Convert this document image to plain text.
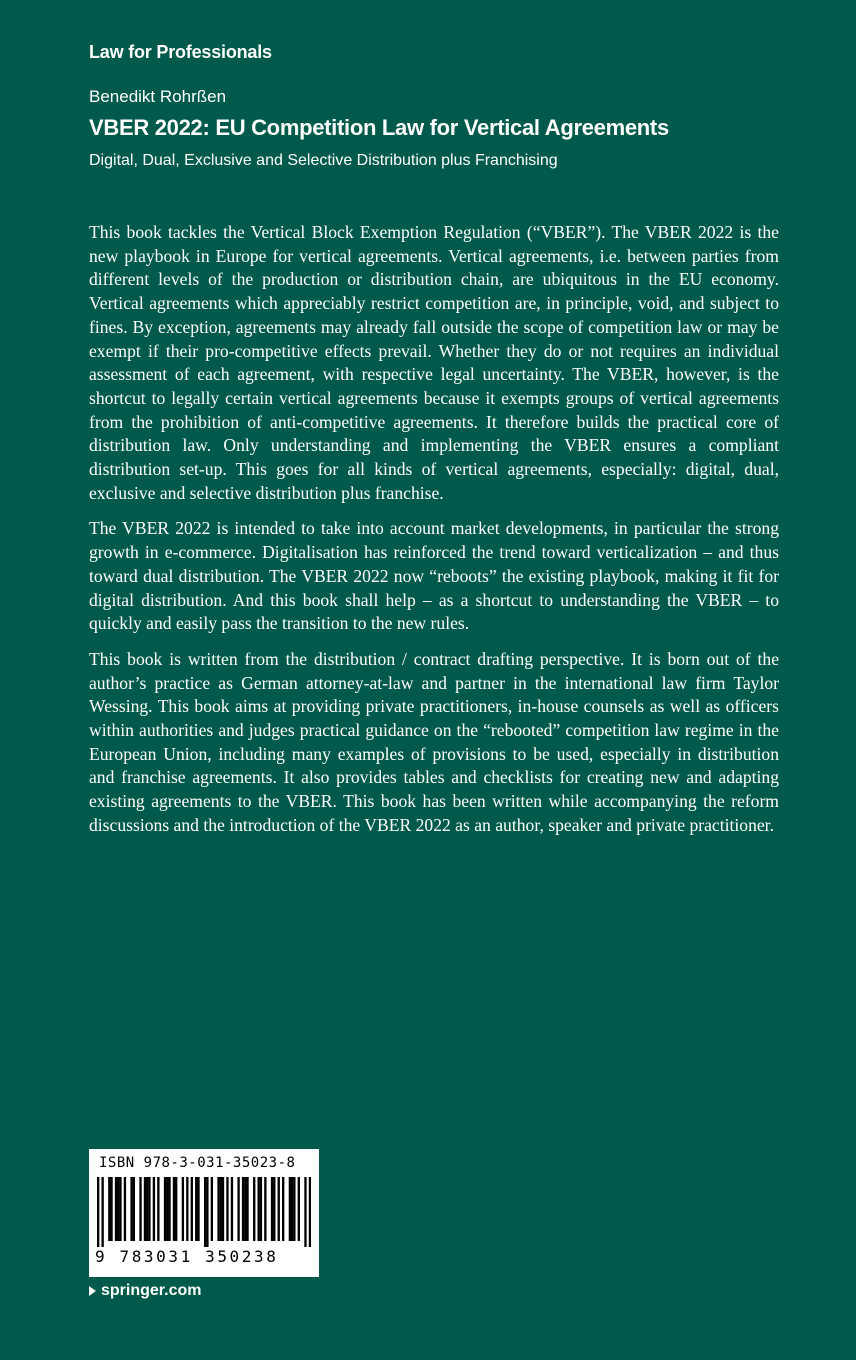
Law for Professionals
Benedikt Rohrßen
VBER 2022: EU Competition Law for Vertical Agreements
Digital, Dual, Exclusive and Selective Distribution plus Franchising

This book tackles the Vertical Block Exemption Regulation (“VBER”). The VBER 2022 is the new playbook in Europe for vertical agreements. Vertical agreements, i.e. between parties from different levels of the production or distribution chain, are ubiquitous in the EU economy. Vertical agreements which appreciably restrict competition are, in principle, void, and subject to fines. By exception, agreements may already fall outside the scope of competition law or may be exempt if their pro-competitive effects prevail. Whether they do or not requires an individual assessment of each agreement, with respective legal uncertainty. The VBER, however, is the shortcut to legally certain vertical agreements because it exempts groups of vertical agreements from the prohibition of anti-competitive agreements. It therefore builds the practical core of distribution law. Only understanding and implementing the VBER ensures a compliant distribution set-up. This goes for all kinds of vertical agreements, especially: digital, dual, exclusive and selective distribution plus franchise.

The VBER 2022 is intended to take into account market developments, in particular the strong growth in e-commerce. Digitalisation has reinforced the trend toward verticalization – and thus toward dual distribution. The VBER 2022 now “reboots” the existing playbook, making it fit for digital distribution. And this book shall help – as a shortcut to understanding the VBER – to quickly and easily pass the transition to the new rules.

This book is written from the distribution / contract drafting perspective. It is born out of the author’s practice as German attorney-at-law and partner in the international law firm Taylor Wessing. This book aims at providing private practitioners, in-house counsels as well as officers within authorities and judges practical guidance on the “rebooted” competition law regime in the European Union, including many examples of provisions to be used, especially in distribution and franchise agreements. It also provides tables and checklists for creating new and adapting existing agreements to the VBER. This book has been written while accompanying the reform discussions and the introduction of the VBER 2022 as an author, speaker and private practitioner.

ISBN 978-3-031-35023-8
9 783031 350238
springer.com
